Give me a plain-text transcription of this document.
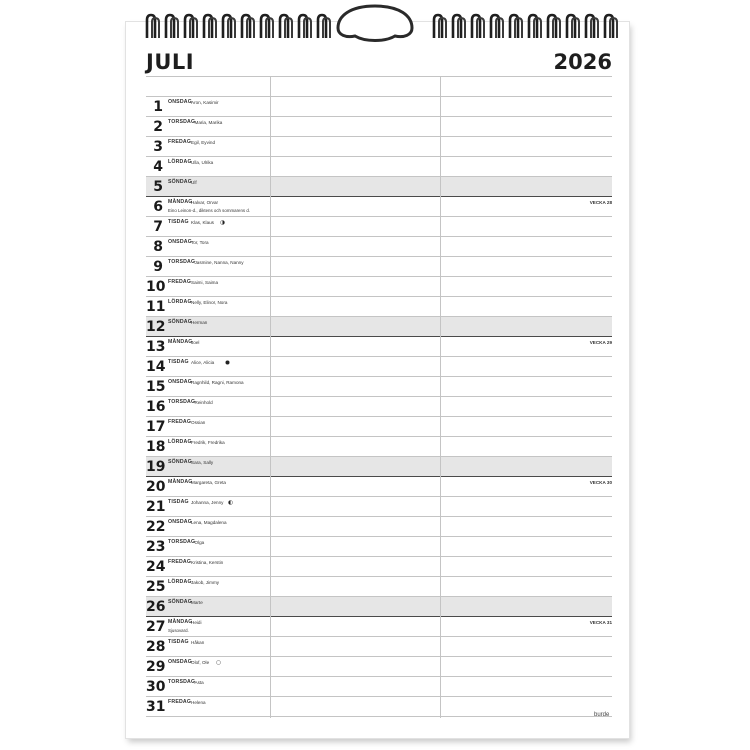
JULI	2026
1 ONSDAG Aron, Kasimir
2 TORSDAG Maria, Marika
3 FREDAG Egil, Eyvind
4 LÖRDAG Ulla, Ulrika
5 SÖNDAG Ulf
6 MÅNDAG
Halvar, Orvar
Eino Leinon-d., diktens och sommarens d.
VECKA 28
7 TISDAG Klas, Klaus
8 ONSDAG Tor, Tora
9 TORSDAG Jasmine, Nanna, Nanny
10 FREDAG Saimi, Saima
11 LÖRDAG Nelly, Elinor, Nora
12 SÖNDAG Herman
13 MÅNDAG
Joel	VECKA 29
14 TISDAG Alice, Alicia
15 ONSDAG Ragnhild, Ragni, Ramona
16 TORSDAG Reinhold
17 FREDAG Ossian
18 LÖRDAG Fredrik, Fredrika
19 SÖNDAG Sara, Sally
20 MÅNDAG
Margareta, Greta	VECKA 30
21 TISDAG Johanna, Jenny
22 ONSDAG Lena, Magdalena
23 TORSDAG Olga
24 FREDAG Kristina, Kerstin
25 LÖRDAG Jakob, Jimmy
26 SÖNDAG Marte
27 MÅNDAG
Heidi
Sjusovard.
VECKA 31
28 TISDAG Håkan
29 ONSDAG Olof, Ole
30 TORSDAG Asta
31 FREDAG Helena
burde
